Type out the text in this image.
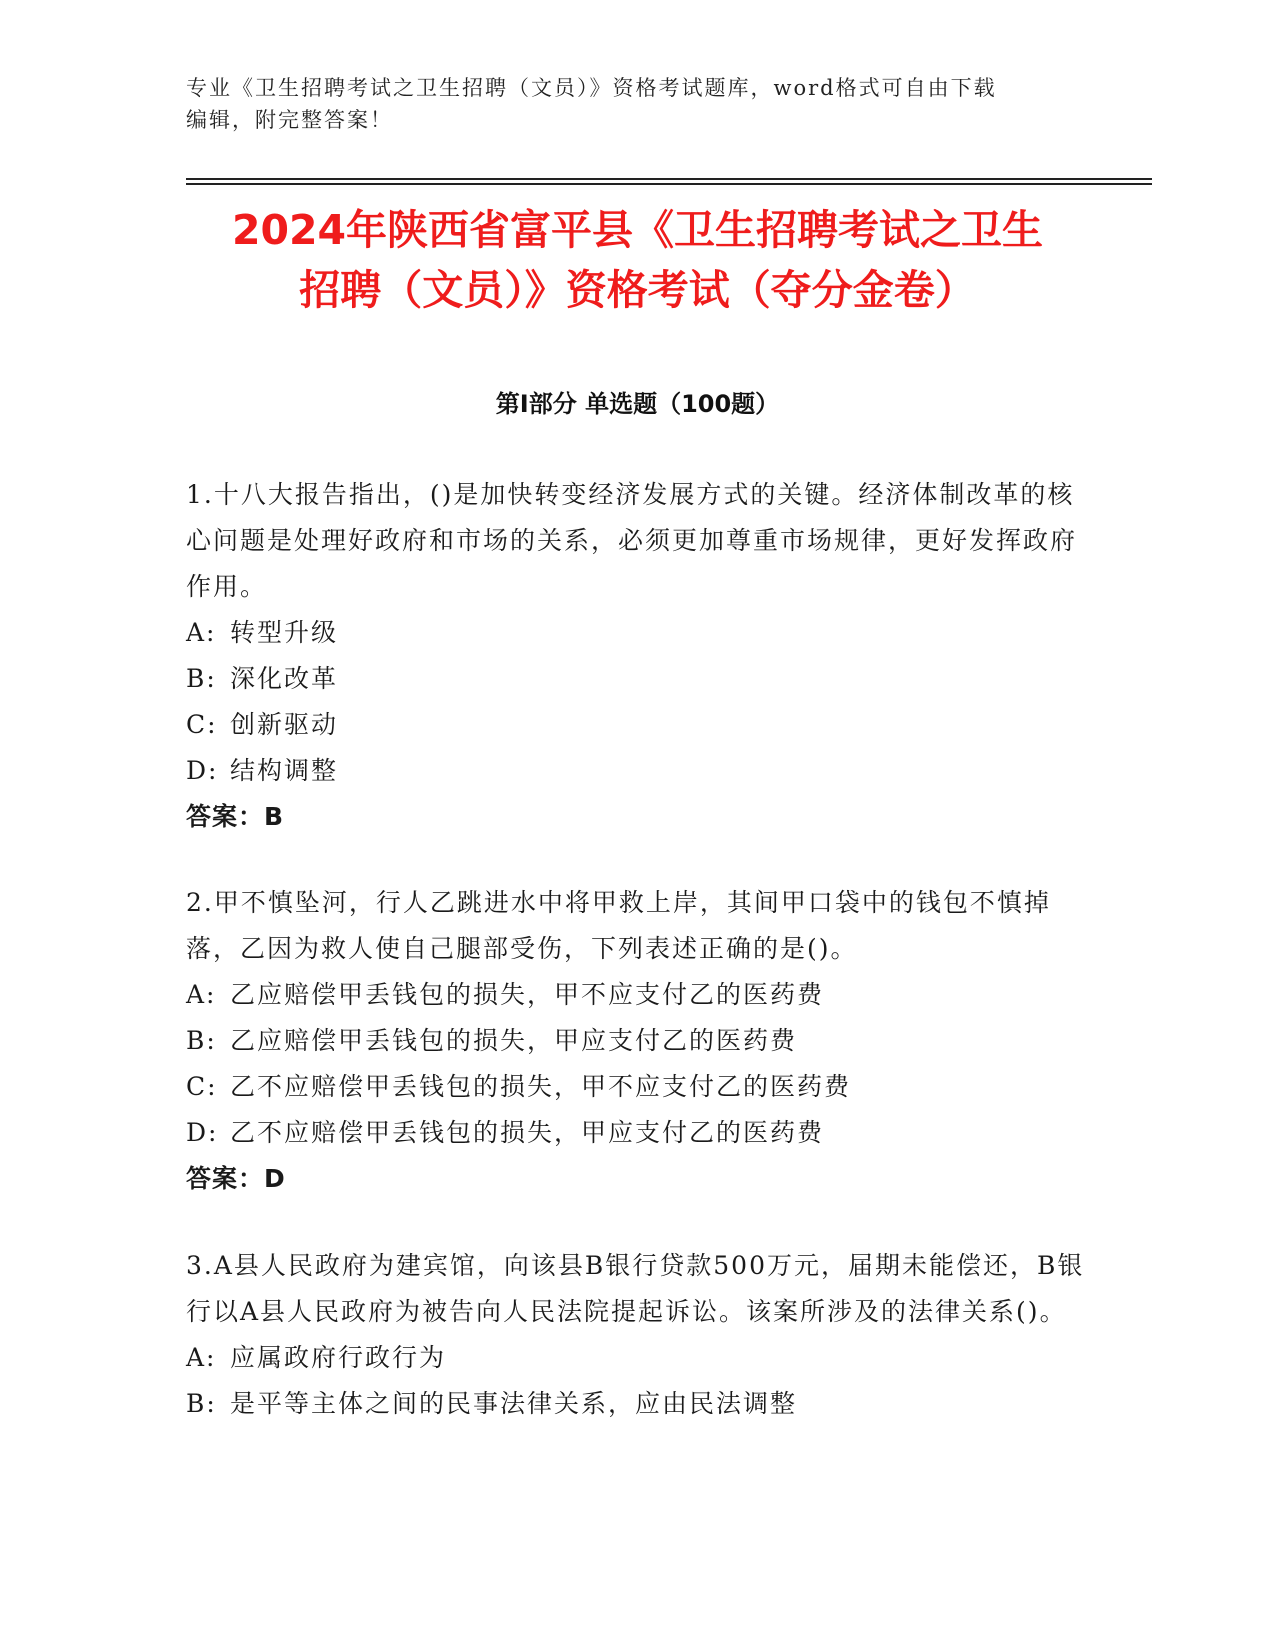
专业《卫生招聘考试之卫生招聘（文员）》资格考试题库，word格式可自由下载
编辑，附完整答案！
2024年陕西省富平县《卫生招聘考试之卫生
招聘（文员）》资格考试（夺分金卷）
第Ⅰ部分 单选题（100题）

1.十八大报告指出，()是加快转变经济发展方式的关键。经济体制改革的核心问题是处理好政府和市场的关系，必须更加尊重市场规律，更好发挥政府作用。

A: 转型升级

B: 深化改革

C: 创新驱动

D: 结构调整

答案：B

2.甲不慎坠河，行人乙跳进水中将甲救上岸，其间甲口袋中的钱包不慎掉落，乙因为救人使自己腿部受伤，下列表述正确的是()。

A: 乙应赔偿甲丢钱包的损失，甲不应支付乙的医药费

B: 乙应赔偿甲丢钱包的损失，甲应支付乙的医药费

C: 乙不应赔偿甲丢钱包的损失，甲不应支付乙的医药费

D: 乙不应赔偿甲丢钱包的损失，甲应支付乙的医药费

答案：D

3.A县人民政府为建宾馆，向该县B银行贷款500万元，届期未能偿还，B银行以A县人民政府为被告向人民法院提起诉讼。该案所涉及的法律关系()。

A: 应属政府行政行为

B: 是平等主体之间的民事法律关系，应由民法调整
